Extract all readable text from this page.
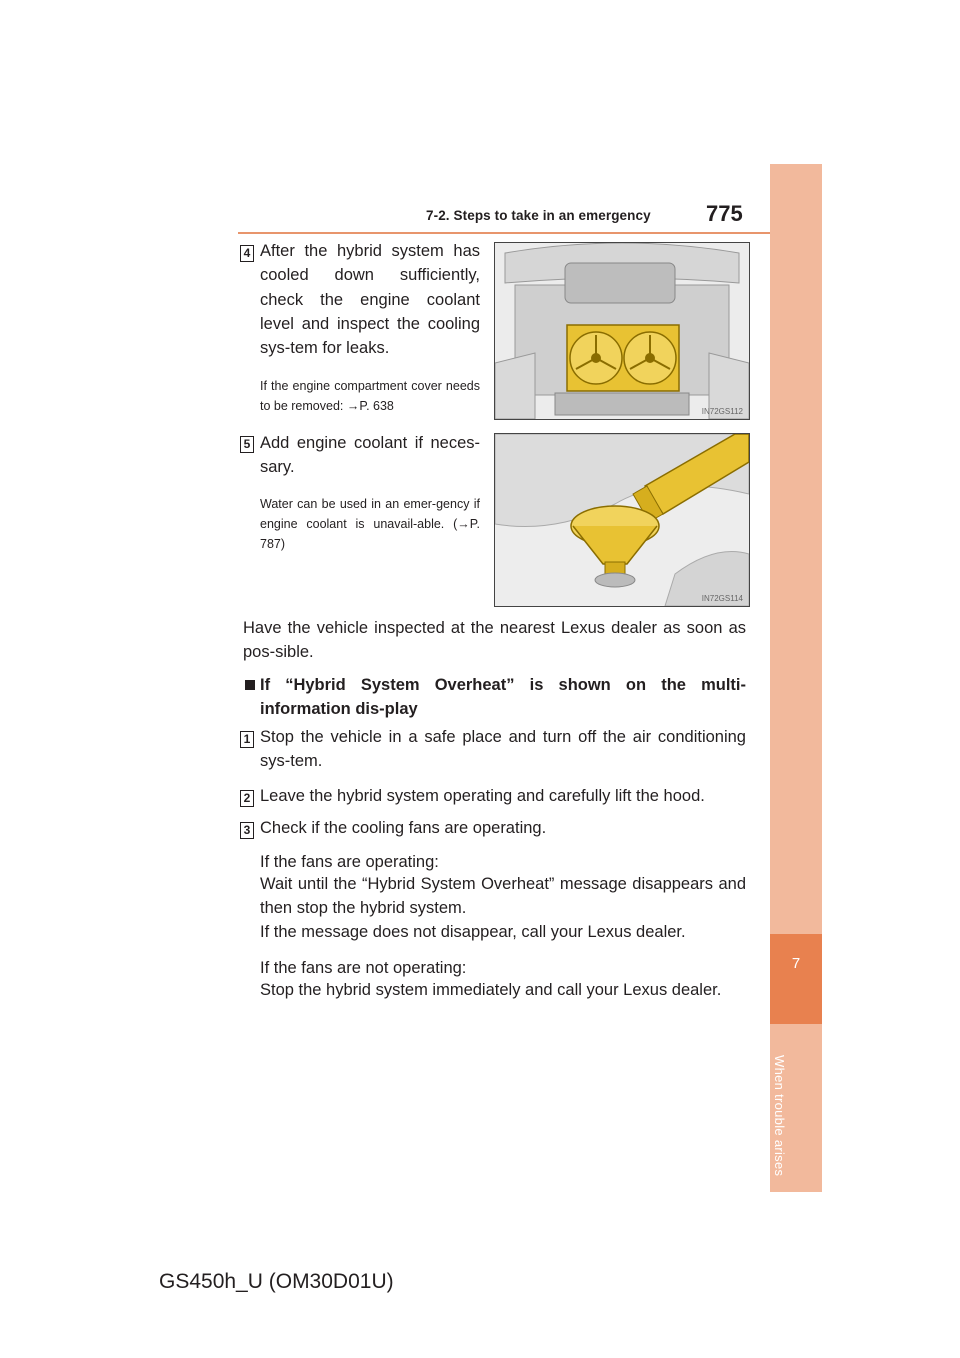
7-2. Steps to take in an emergency	775
7
When trouble arises
4 After the hybrid system has cooled down sufficiently, check the engine coolant level and inspect the cooling sys-tem for leaks.
If the engine compartment cover needs to be removed: →P. 638	IN72GS112
5 Add engine coolant if neces-sary.
Water can be used in an emer-gency if engine coolant is unavail-able. (→P. 787)
IN72GS114
Have the vehicle inspected at the nearest Lexus dealer as soon as pos-sible.
If “Hybrid System Overheat” is shown on the multi-information dis-play
1 Stop the vehicle in a safe place and turn off the air conditioning sys-tem.
2 Leave the hybrid system operating and carefully lift the hood.
3 Check if the cooling fans are operating.
If the fans are operating:
Wait until the “Hybrid System Overheat” message disappears and then stop the hybrid system.
If the message does not disappear, call your Lexus dealer.
If the fans are not operating:
Stop the hybrid system immediately and call your Lexus dealer.
GS450h_U (OM30D01U)
